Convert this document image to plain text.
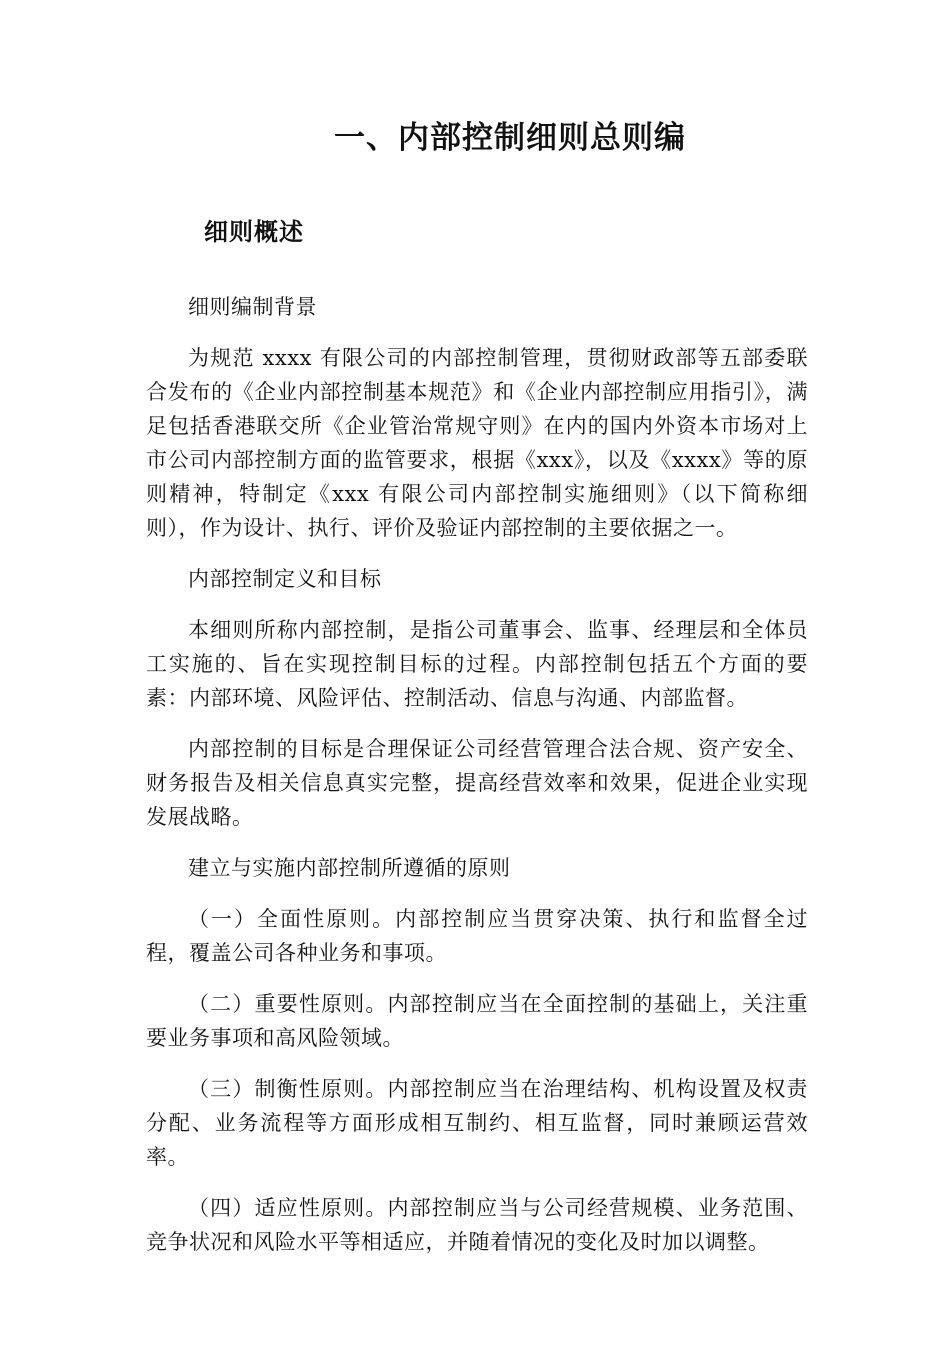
一、内部控制细则总则编
细则概述

细则编制背景

为规范 xxxx 有限公司的内部控制管理，贯彻财政部等五部委联合发布的《企业内部控制基本规范》和《企业内部控制应用指引》，满足包括香港联交所《企业管治常规守则》在内的国内外资本市场对上市公司内部控制方面的监管要求，根据《xxx》，以及《xxxx》等的原则精神，特制定《xxx 有限公司内部控制实施细则》（以下简称细则），作为设计、执行、评价及验证内部控制的主要依据之一。

内部控制定义和目标

本细则所称内部控制，是指公司董事会、监事、经理层和全体员工实施的、旨在实现控制目标的过程。内部控制包括五个方面的要素：内部环境、风险评估、控制活动、信息与沟通、内部监督。

内部控制的目标是合理保证公司经营管理合法合规、资产安全、财务报告及相关信息真实完整，提高经营效率和效果，促进企业实现发展战略。

建立与实施内部控制所遵循的原则

（一）全面性原则。内部控制应当贯穿决策、执行和监督全过程，覆盖公司各种业务和事项。

（二）重要性原则。内部控制应当在全面控制的基础上，关注重要业务事项和高风险领域。

（三）制衡性原则。内部控制应当在治理结构、机构设置及权责分配、业务流程等方面形成相互制约、相互监督，同时兼顾运营效率。

（四）适应性原则。内部控制应当与公司经营规模、业务范围、竞争状况和风险水平等相适应，并随着情况的变化及时加以调整。
